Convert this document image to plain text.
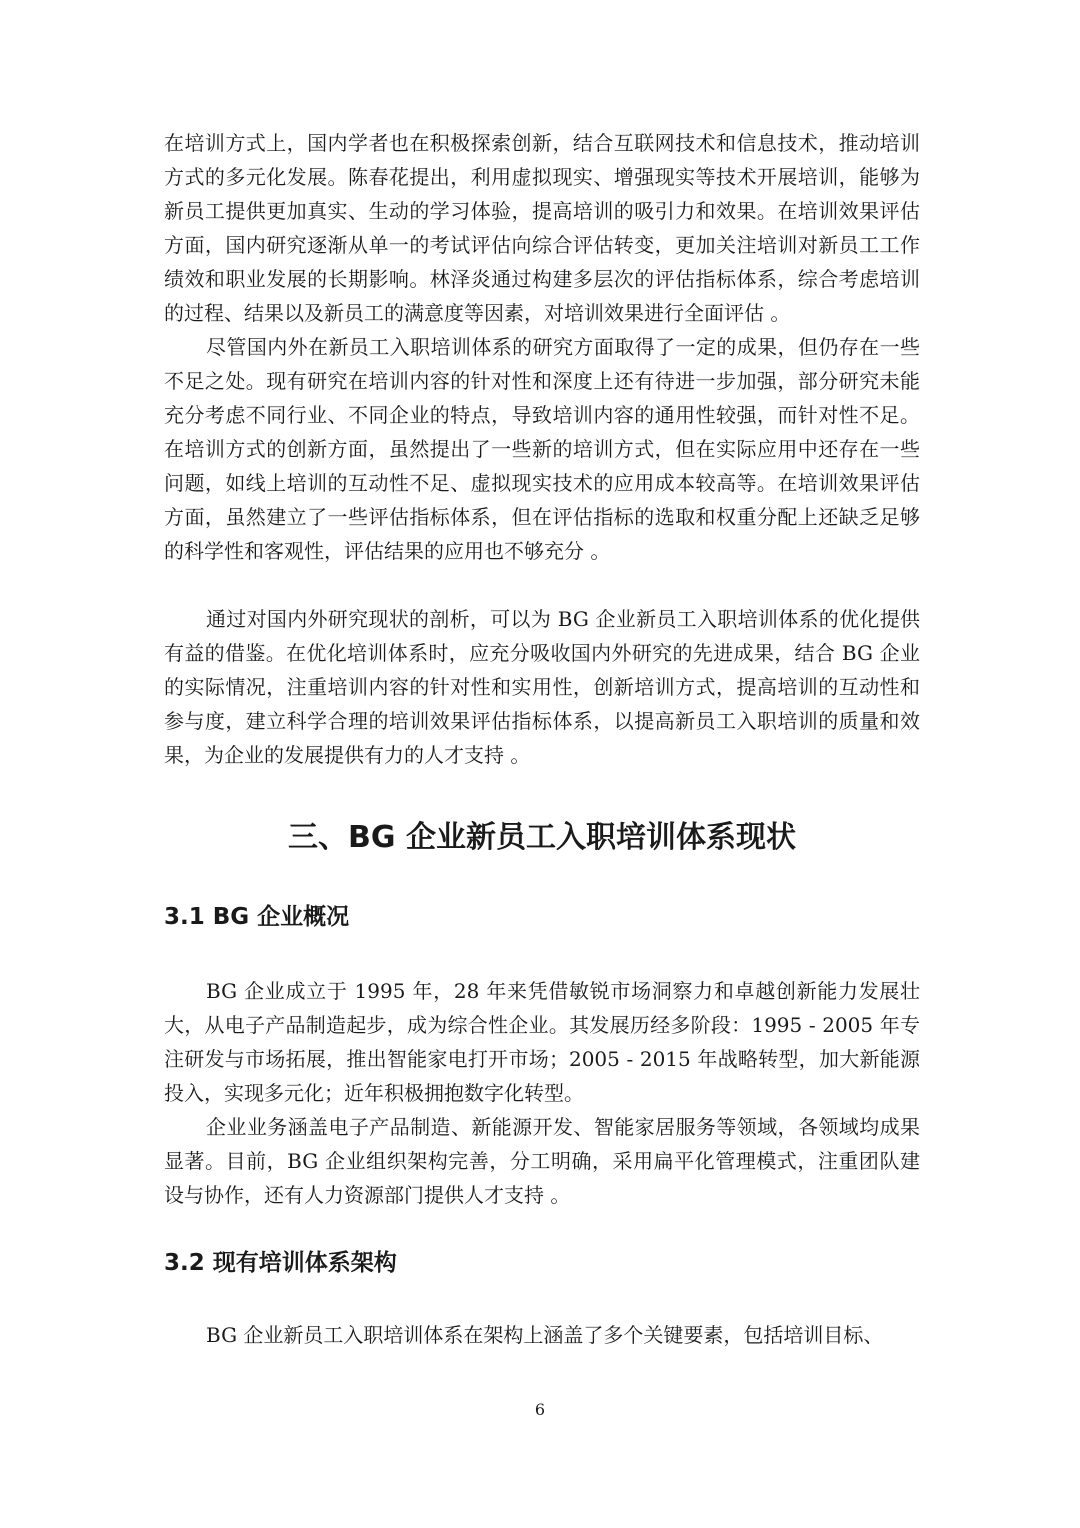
在培训方式上，国内学者也在积极探索创新，结合互联网技术和信息技术，推动培训方式的多元化发展。陈春花提出，利用虚拟现实、增强现实等技术开展培训，能够为新员工提供更加真实、生动的学习体验，提高培训的吸引力和效果。在培训效果评估方面，国内研究逐渐从单一的考试评估向综合评估转变，更加关注培训对新员工工作绩效和职业发展的长期影响。林泽炎通过构建多层次的评估指标体系，综合考虑培训的过程、结果以及新员工的满意度等因素，对培训效果进行全面评估 。

尽管国内外在新员工入职培训体系的研究方面取得了一定的成果，但仍存在一些不足之处。现有研究在培训内容的针对性和深度上还有待进一步加强，部分研究未能充分考虑不同行业、不同企业的特点，导致培训内容的通用性较强，而针对性不足。在培训方式的创新方面，虽然提出了一些新的培训方式，但在实际应用中还存在一些问题，如线上培训的互动性不足、虚拟现实技术的应用成本较高等。在培训效果评估方面，虽然建立了一些评估指标体系，但在评估指标的选取和权重分配上还缺乏足够的科学性和客观性，评估结果的应用也不够充分 。

通过对国内外研究现状的剖析，可以为 BG 企业新员工入职培训体系的优化提供有益的借鉴。在优化培训体系时，应充分吸收国内外研究的先进成果，结合 BG 企业的实际情况，注重培训内容的针对性和实用性，创新培训方式，提高培训的互动性和参与度，建立科学合理的培训效果评估指标体系，以提高新员工入职培训的质量和效果，为企业的发展提供有力的人才支持 。

三、BG 企业新员工入职培训体系现状
3.1 BG 企业概况

BG 企业成立于 1995 年，28 年来凭借敏锐市场洞察力和卓越创新能力发展壮大，从电子产品制造起步，成为综合性企业。其发展历经多阶段：1995 - 2005 年专注研发与市场拓展，推出智能家电打开市场；2005 - 2015 年战略转型，加大新能源投入，实现多元化；近年积极拥抱数字化转型。

企业业务涵盖电子产品制造、新能源开发、智能家居服务等领域，各领域均成果显著。目前，BG 企业组织架构完善，分工明确，采用扁平化管理模式，注重团队建设与协作，还有人力资源部门提供人才支持 。

3.2 现有培训体系架构

BG 企业新员工入职培训体系在架构上涵盖了多个关键要素，包括培训目标、

6
